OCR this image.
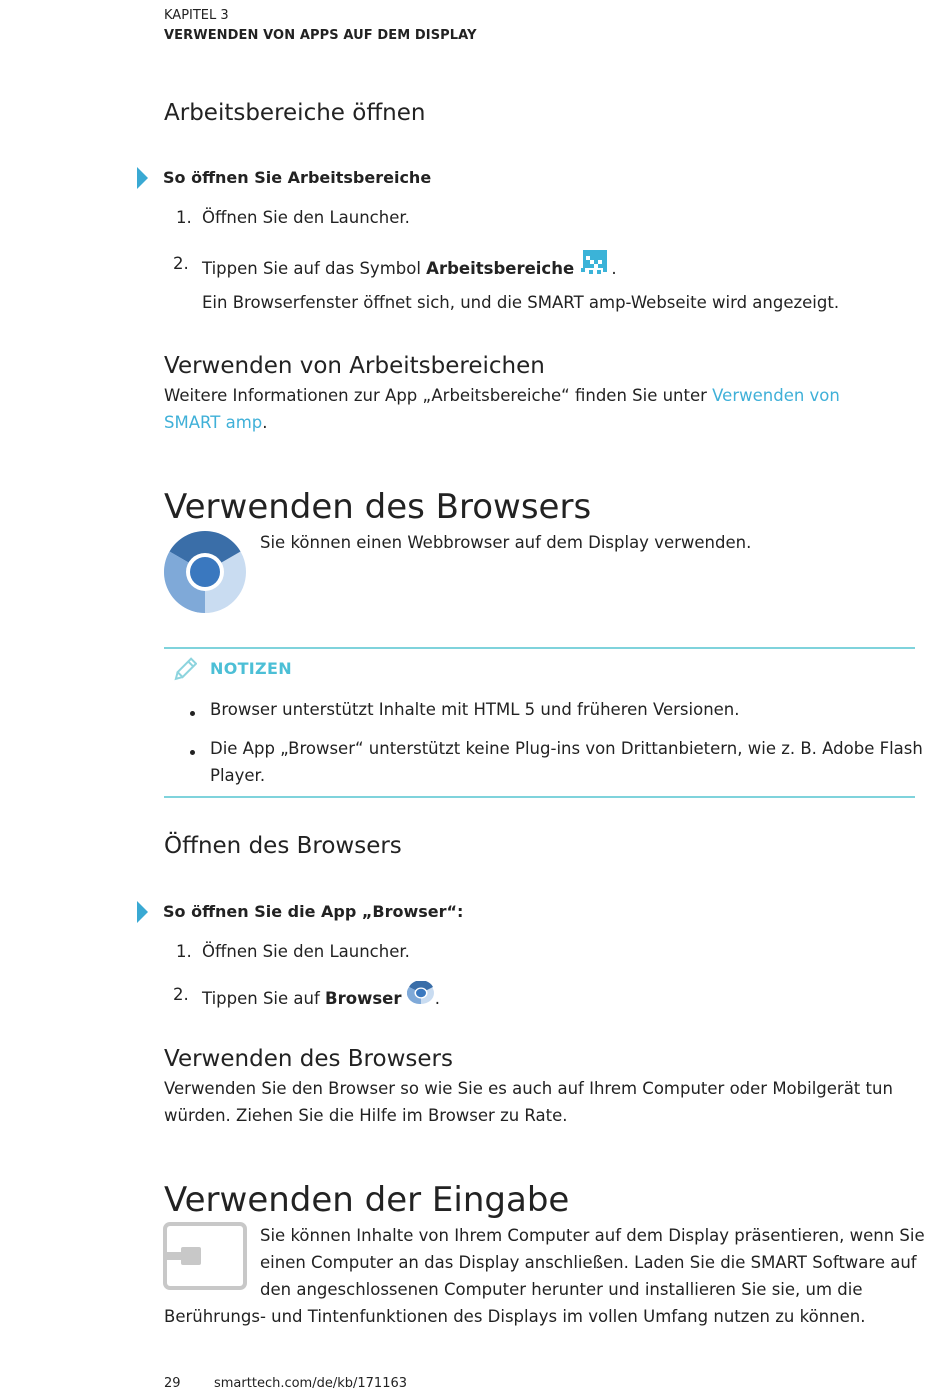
KAPITEL 3
VERWENDEN VON APPS AUF DEM DISPLAY
Arbeitsbereiche öffnen
So öffnen Sie Arbeitsbereiche
1. Öffnen Sie den Launcher.
2. Tippen Sie auf das Symbol Arbeitsbereiche .
Ein Browserfenster öffnet sich, und die SMART amp-Webseite wird angezeigt.
Verwenden von Arbeitsbereichen
Weitere Informationen zur App „Arbeitsbereiche“ finden Sie unter Verwenden von
SMART amp.
Verwenden des Browsers
Sie können einen Webbrowser auf dem Display verwenden.
NOTIZEN
Browser unterstützt Inhalte mit HTML 5 und früheren Versionen.
Die App „Browser“ unterstützt keine Plug-ins von Drittanbietern, wie z. B. Adobe Flash
Player.
Öffnen des Browsers
So öffnen Sie die App „Browser“:
1. Öffnen Sie den Launcher.
2. Tippen Sie auf Browser .
Verwenden des Browsers
Verwenden Sie den Browser so wie Sie es auch auf Ihrem Computer oder Mobilgerät tun
würden. Ziehen Sie die Hilfe im Browser zu Rate.
Verwenden der Eingabe
Sie können Inhalte von Ihrem Computer auf dem Display präsentieren, wenn Sie
einen Computer an das Display anschließen. Laden Sie die SMART Software auf
den angeschlossenen Computer herunter und installieren Sie sie, um die
Berührungs- und Tintenfunktionen des Displays im vollen Umfang nutzen zu können.
29	smarttech.com/de/kb/171163
